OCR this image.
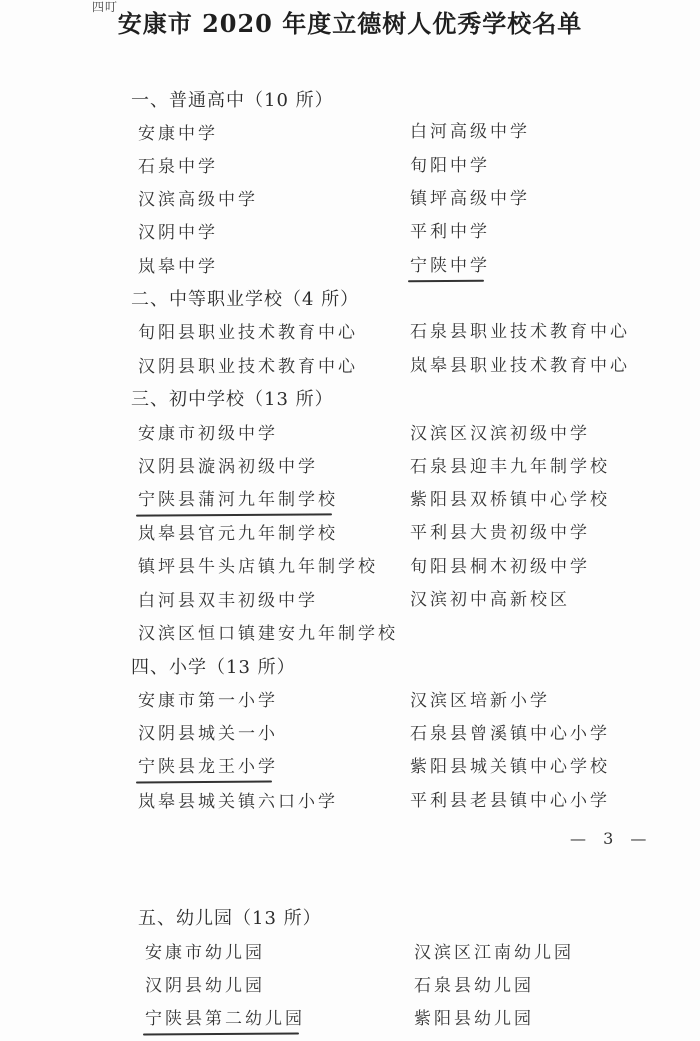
四叮
安康市 2020 年度立德树人优秀学校名单
一、普通高中（10 所）
安康中学
石泉中学
汉滨高级中学
汉阴中学
岚皋中学
白河高级中学
旬阳中学
镇坪高级中学
平利中学
宁陕中学
二、中等职业学校（4 所）
旬阳县职业技术教育中心
汉阴县职业技术教育中心
石泉县职业技术教育中心
岚皋县职业技术教育中心
三、初中学校（13 所）
安康市初级中学
汉阴县漩涡初级中学
宁陕县蒲河九年制学校
岚皋县官元九年制学校
镇坪县牛头店镇九年制学校
白河县双丰初级中学
汉滨区恒口镇建安九年制学校
汉滨区汉滨初级中学
石泉县迎丰九年制学校
紫阳县双桥镇中心学校
平利县大贵初级中学
旬阳县桐木初级中学
汉滨初中高新校区
四、小学（13 所）
安康市第一小学
汉阴县城关一小
宁陕县龙王小学
岚皋县城关镇六口小学
汉滨区培新小学
石泉县曾溪镇中心小学
紫阳县城关镇中心学校
平利县老县镇中心小学
— 3 —
五、幼儿园（13 所）
安康市幼儿园
汉阴县幼儿园
宁陕县第二幼儿园
汉滨区江南幼儿园
石泉县幼儿园
紫阳县幼儿园
